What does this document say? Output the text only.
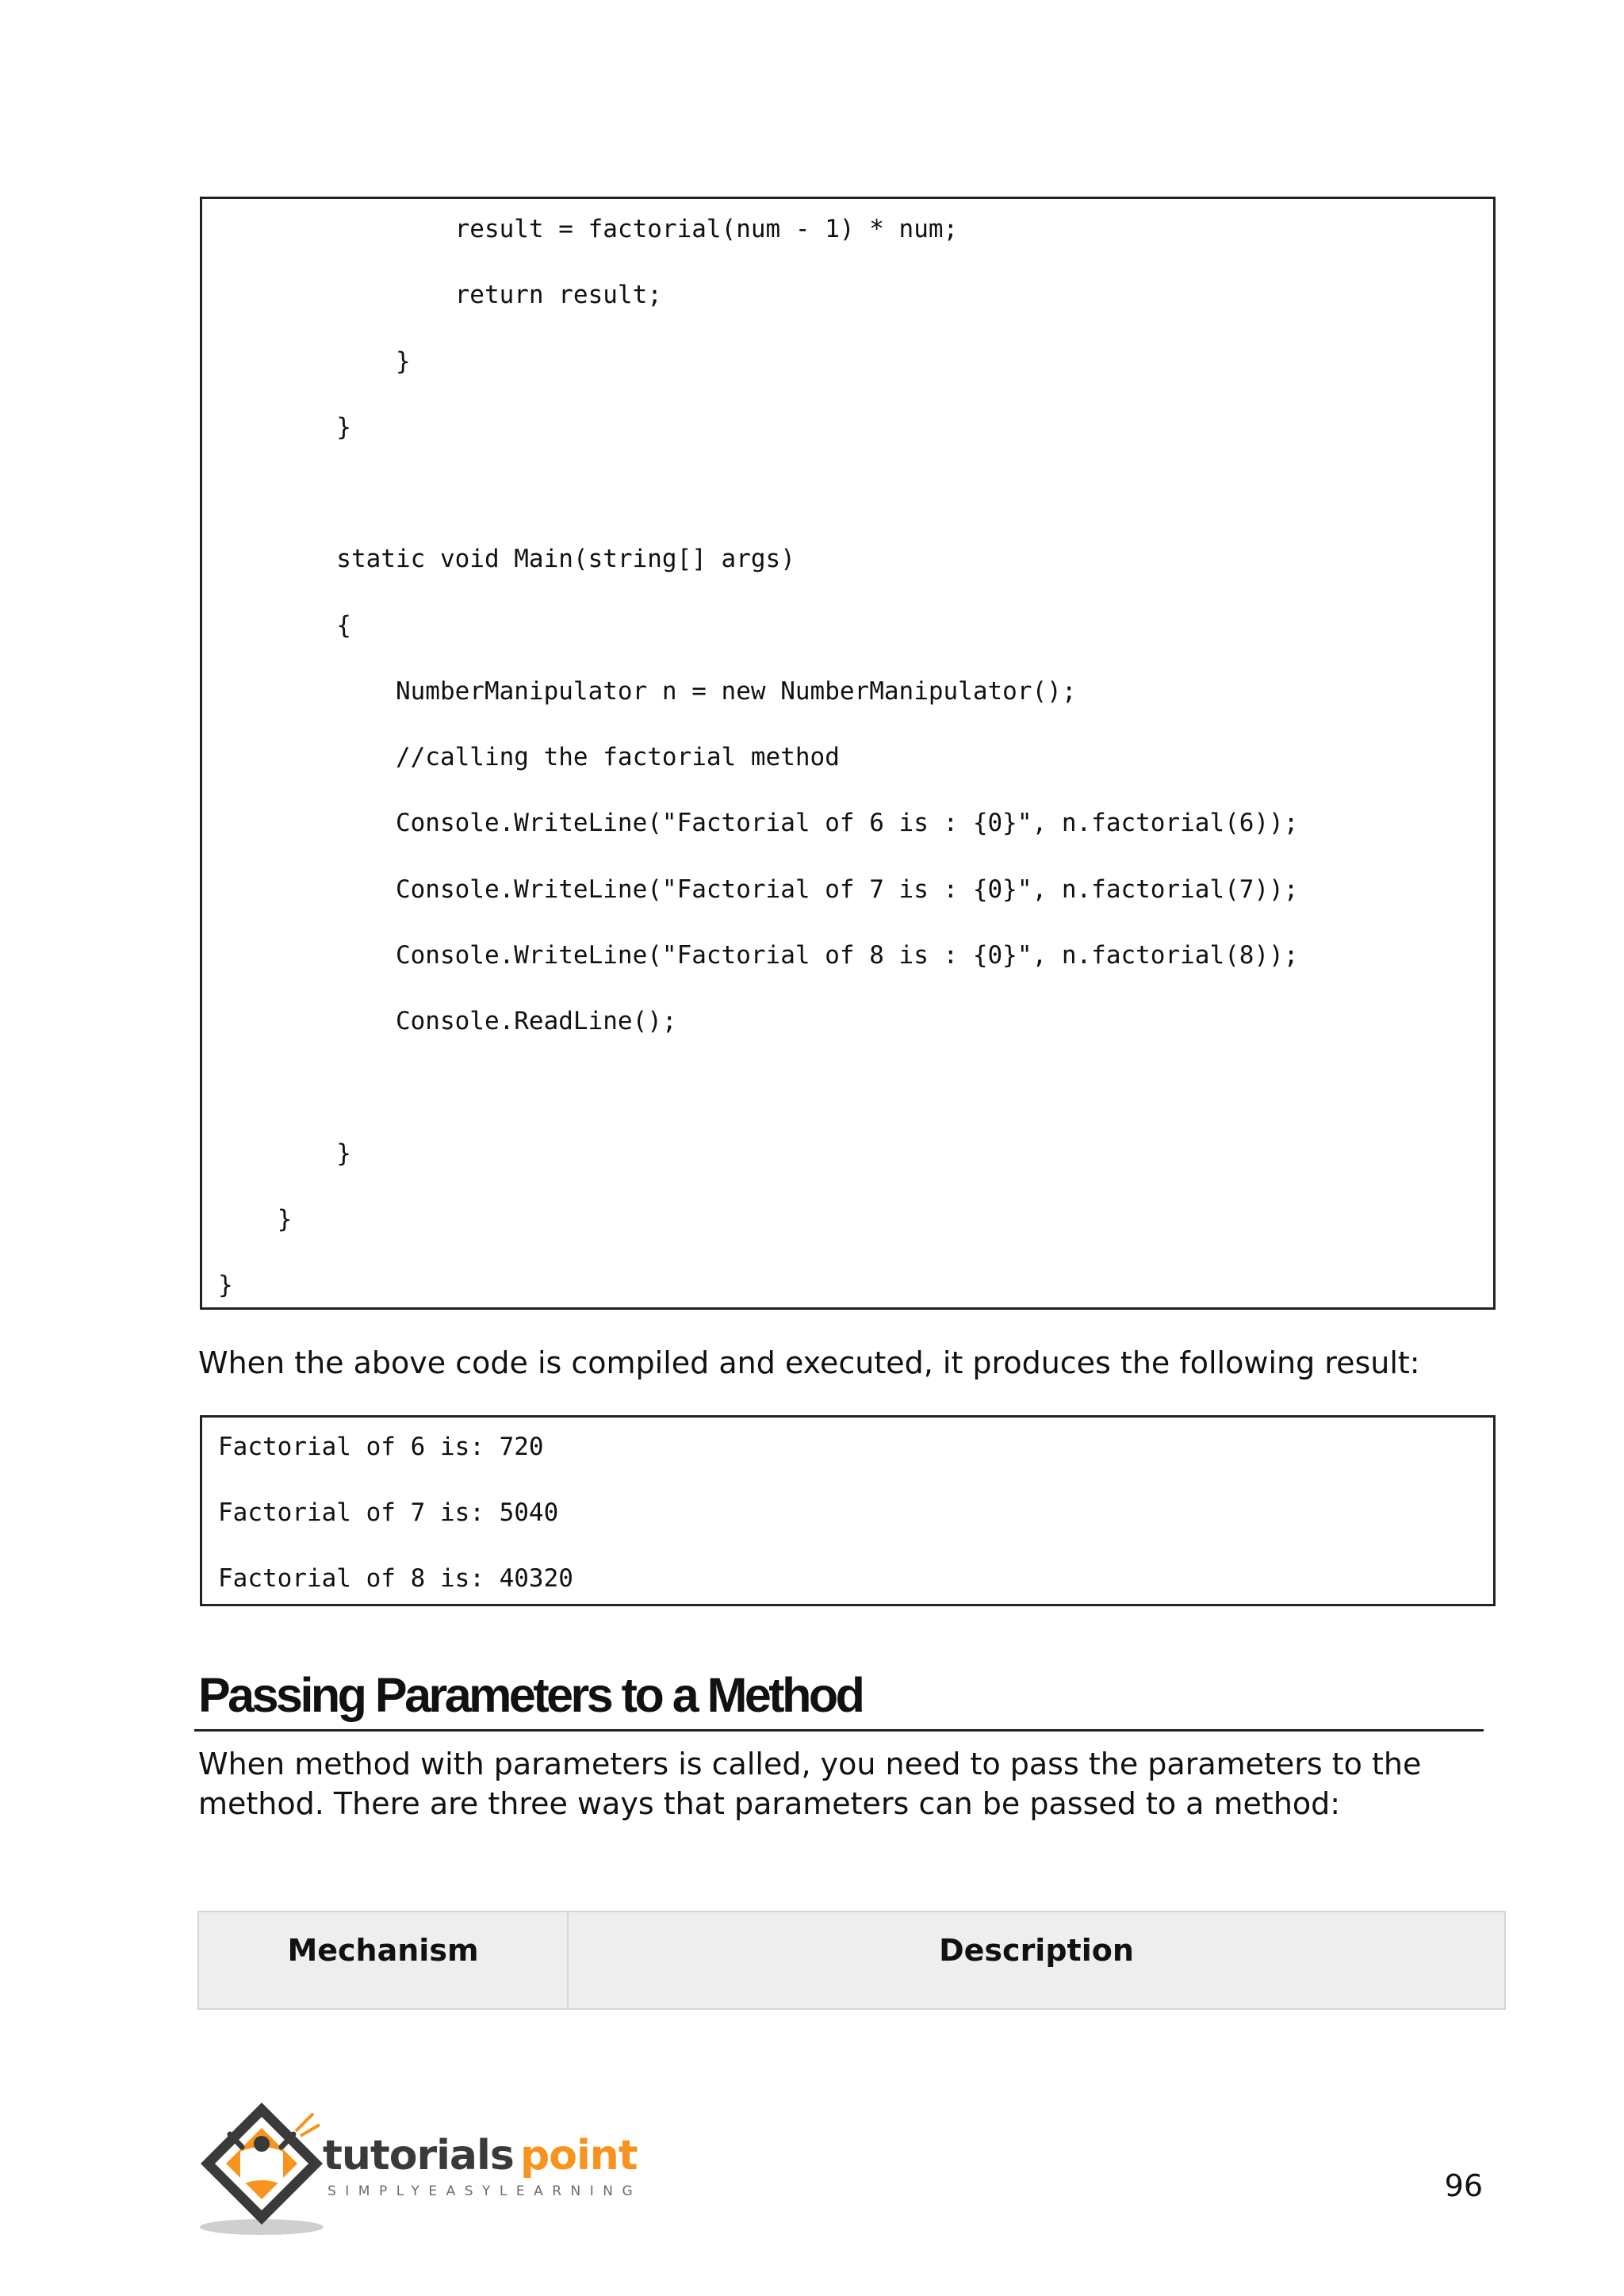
result = factorial(num - 1) * num;
return result;
}
}
static void Main(string[] args)
{
NumberManipulator n = new NumberManipulator();
//calling the factorial method
Console.WriteLine("Factorial of 6 is : {0}", n.factorial(6));
Console.WriteLine("Factorial of 7 is : {0}", n.factorial(7));
Console.WriteLine("Factorial of 8 is : {0}", n.factorial(8));
Console.ReadLine();
}
}
}
When the above code is compiled and executed, it produces the following result:
Factorial of 6 is: 720
Factorial of 7 is: 5040
Factorial of 8 is: 40320
Passing Parameters to a Method
When method with parameters is called, you need to pass the parameters to the
method. There are three ways that parameters can be passed to a method:
Mechanism	Description
tutorials point
SIMPLYEASYLEARNING	96
